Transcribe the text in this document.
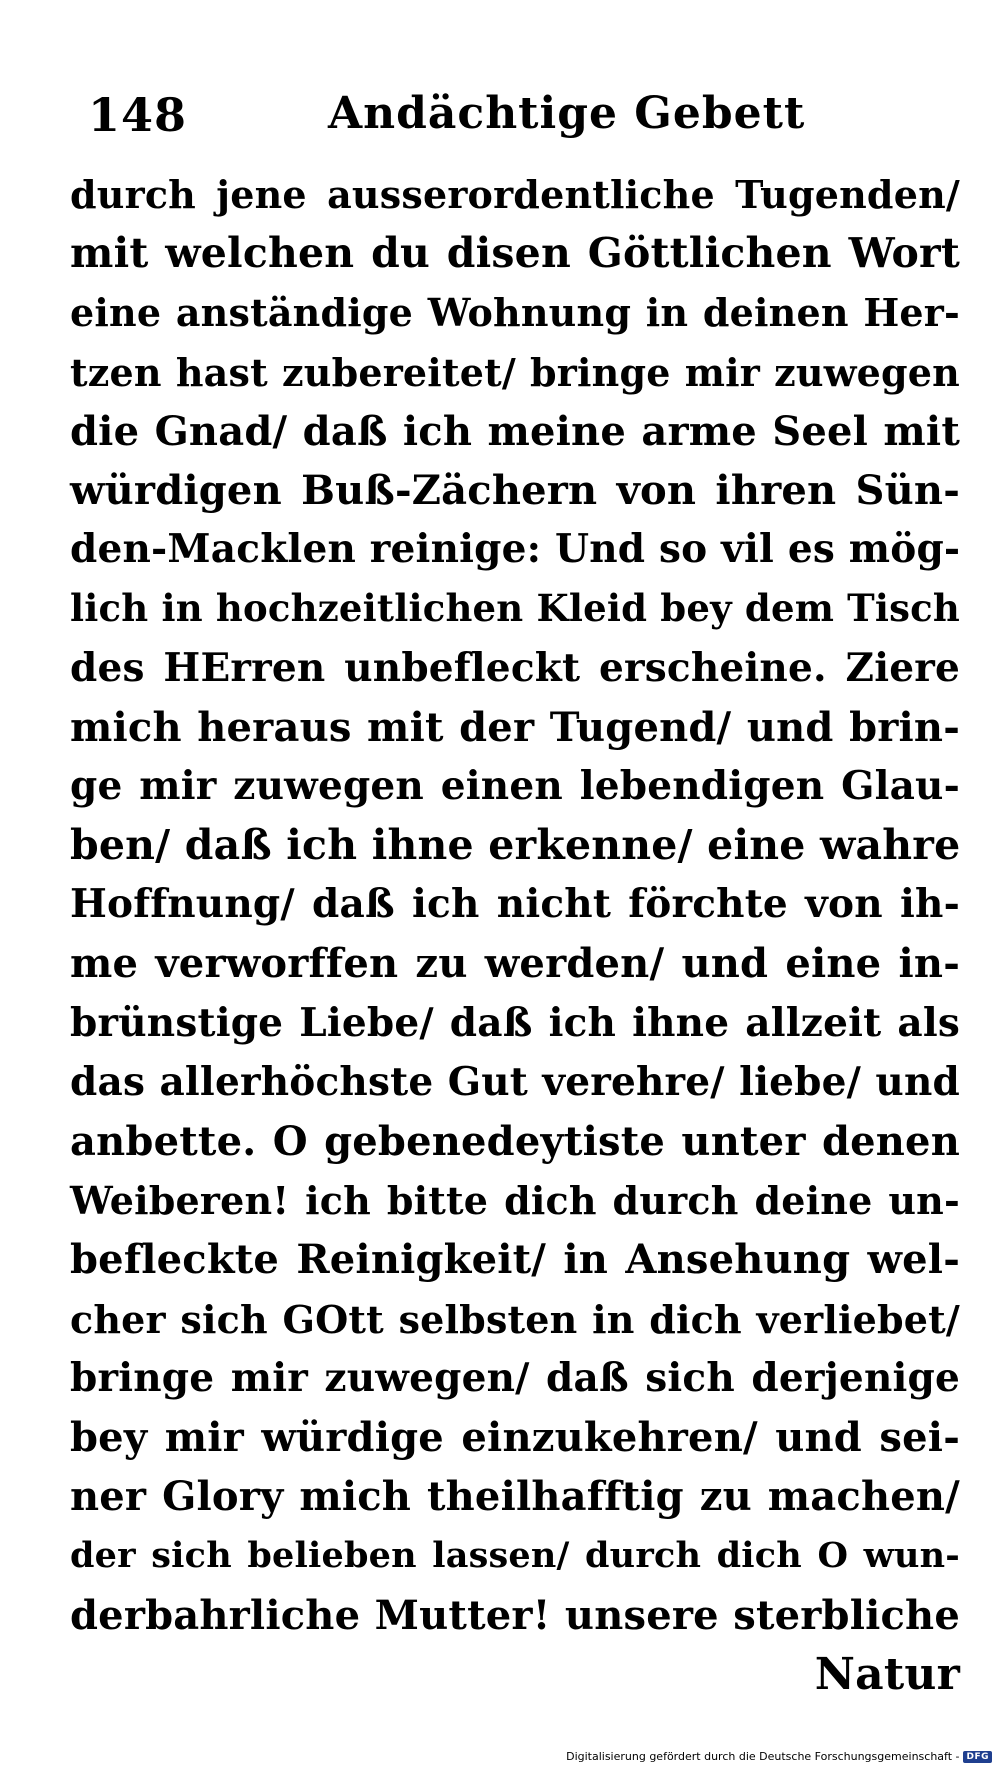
148	Andächtige Gebett
durch jene ausserordentliche Tugenden/
mit welchen du disen Göttlichen Wort
eine anständige Wohnung in deinen Her-
tzen hast zubereitet/ bringe mir zuwegen
die Gnad/ daß ich meine arme Seel mit
würdigen Buß-Zächern von ihren Sün-
den-Macklen reinige: Und so vil es mög-
lich in hochzeitlichen Kleid bey dem Tisch
des HErren unbefleckt erscheine. Ziere
mich heraus mit der Tugend/ und brin-
ge mir zuwegen einen lebendigen Glau-
ben/ daß ich ihne erkenne/ eine wahre
Hoffnung/ daß ich nicht förchte von ih-
me verworffen zu werden/ und eine in-
brünstige Liebe/ daß ich ihne allzeit als
das allerhöchste Gut verehre/ liebe/ und
anbette. O gebenedeytiste unter denen
Weiberen! ich bitte dich durch deine un-
befleckte Reinigkeit/ in Ansehung wel-
cher sich GOtt selbsten in dich verliebet/
bringe mir zuwegen/ daß sich derjenige
bey mir würdige einzukehren/ und sei-
ner Glory mich theilhafftig zu machen/
der sich belieben lassen/ durch dich O wun-
derbahrliche Mutter! unsere sterbliche
Natur
Digitalisierung gefördert durch die Deutsche Forschungsgemeinschaft - DFG
